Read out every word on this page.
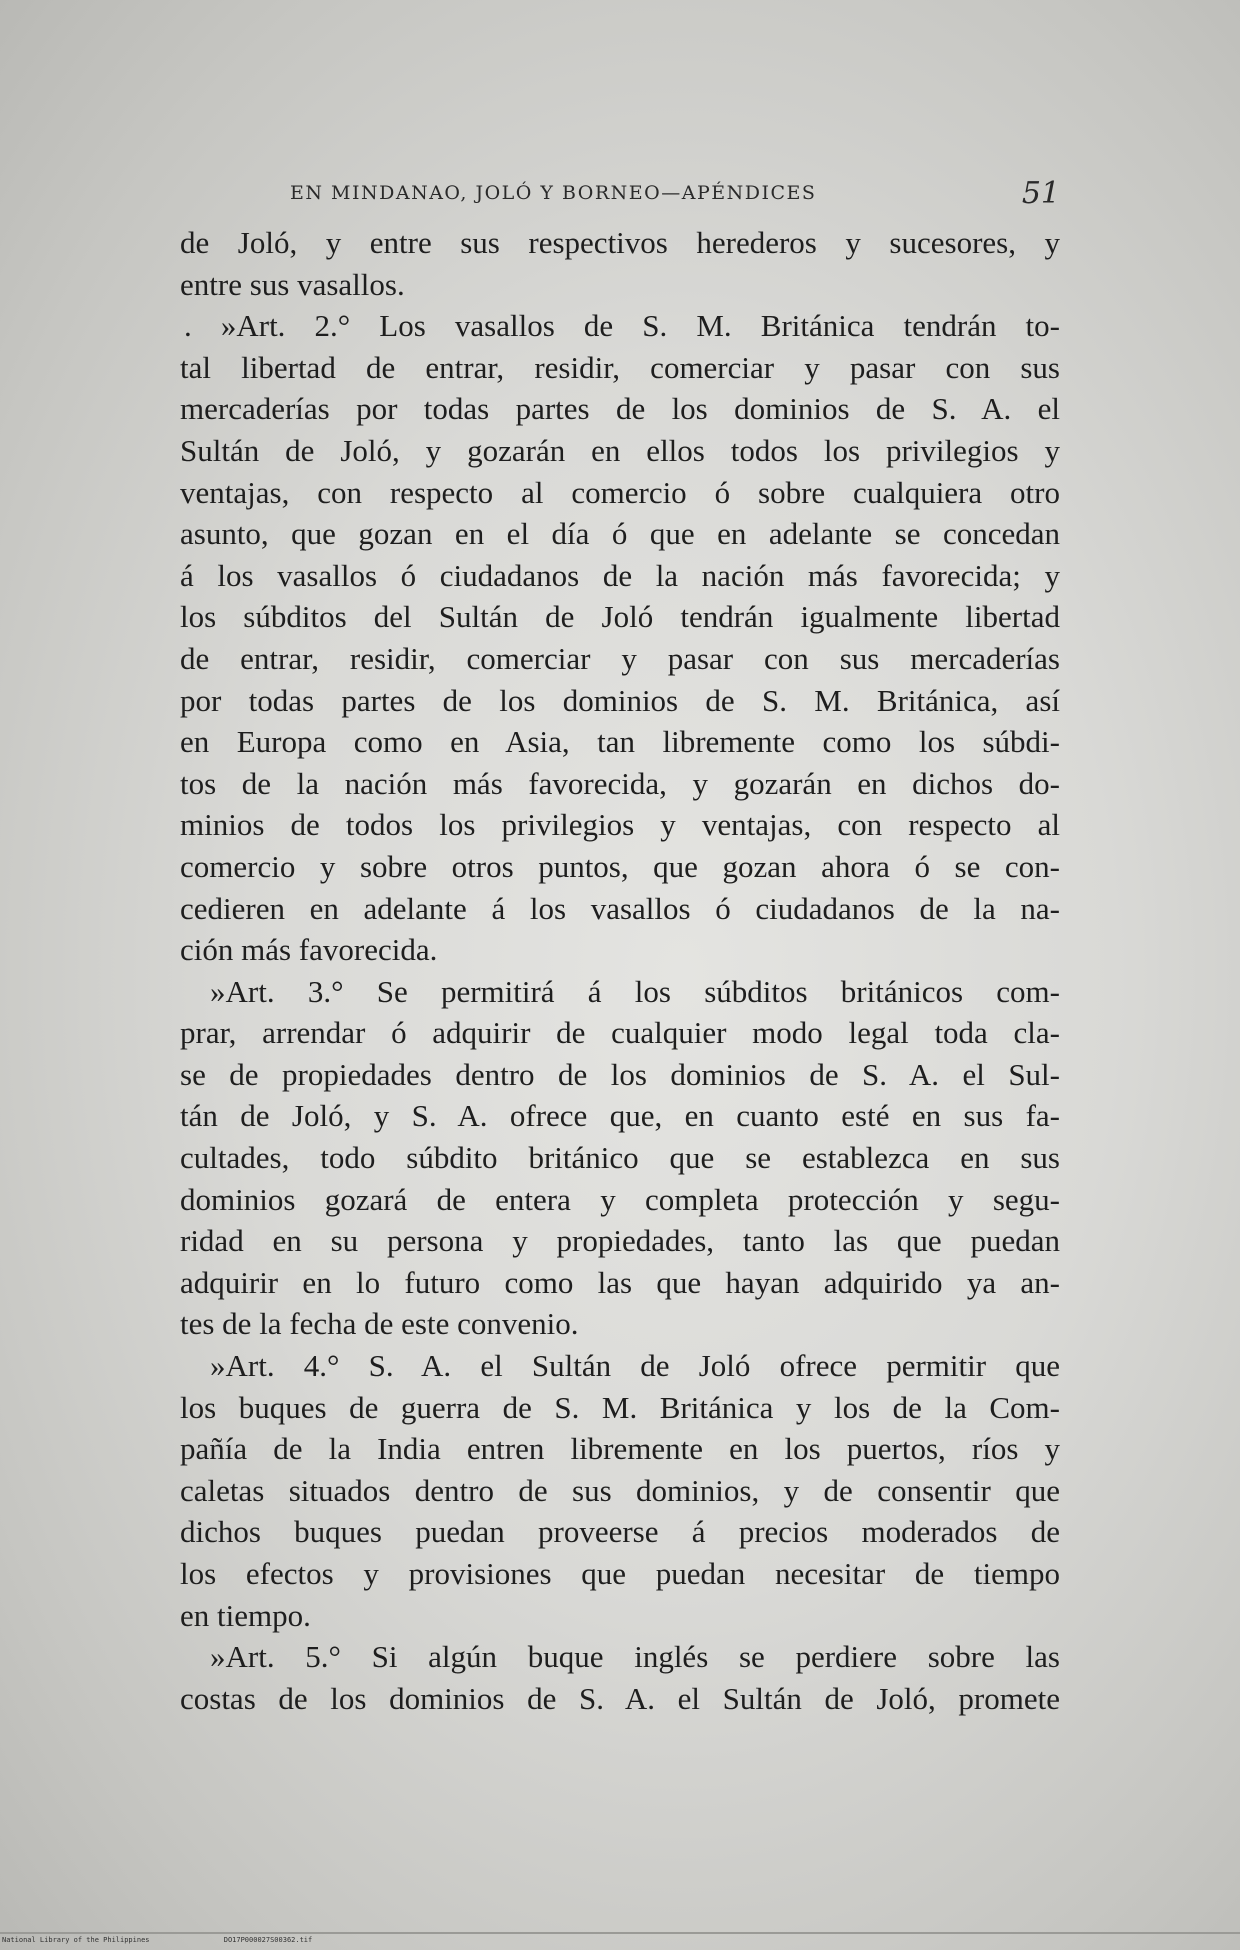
EN MINDANAO, JOLÓ Y BORNEO—APÉNDICES	51
de Joló, y entre sus respectivos herederos y sucesores, y
entre sus vasallos.
. »Art. 2.° Los vasallos de S. M. Británica tendrán to-
tal libertad de entrar, residir, comerciar y pasar con sus
mercaderías por todas partes de los dominios de S. A. el
Sultán de Joló, y gozarán en ellos todos los privilegios y
ventajas, con respecto al comercio ó sobre cualquiera otro
asunto, que gozan en el día ó que en adelante se concedan
á los vasallos ó ciudadanos de la nación más favorecida; y
los súbditos del Sultán de Joló tendrán igualmente libertad
de entrar, residir, comerciar y pasar con sus mercaderías
por todas partes de los dominios de S. M. Británica, así
en Europa como en Asia, tan libremente como los súbdi-
tos de la nación más favorecida, y gozarán en dichos do-
minios de todos los privilegios y ventajas, con respecto al
comercio y sobre otros puntos, que gozan ahora ó se con-
cedieren en adelante á los vasallos ó ciudadanos de la na-
ción más favorecida.
»Art. 3.° Se permitirá á los súbditos británicos com-
prar, arrendar ó adquirir de cualquier modo legal toda cla-
se de propiedades dentro de los dominios de S. A. el Sul-
tán de Joló, y S. A. ofrece que, en cuanto esté en sus fa-
cultades, todo súbdito británico que se establezca en sus
dominios gozará de entera y completa protección y segu-
ridad en su persona y propiedades, tanto las que puedan
adquirir en lo futuro como las que hayan adquirido ya an-
tes de la fecha de este convenio.
»Art. 4.° S. A. el Sultán de Joló ofrece permitir que
los buques de guerra de S. M. Británica y los de la Com-
pañía de la India entren libremente en los puertos, ríos y
caletas situados dentro de sus dominios, y de consentir que
dichos buques puedan proveerse á precios moderados de
los efectos y provisiones que puedan necesitar de tiempo
en tiempo.
»Art. 5.° Si algún buque inglés se perdiere sobre las
costas de los dominios de S. A. el Sultán de Joló, promete
National Library of the Philippines	DO17P000027S00362.tif
